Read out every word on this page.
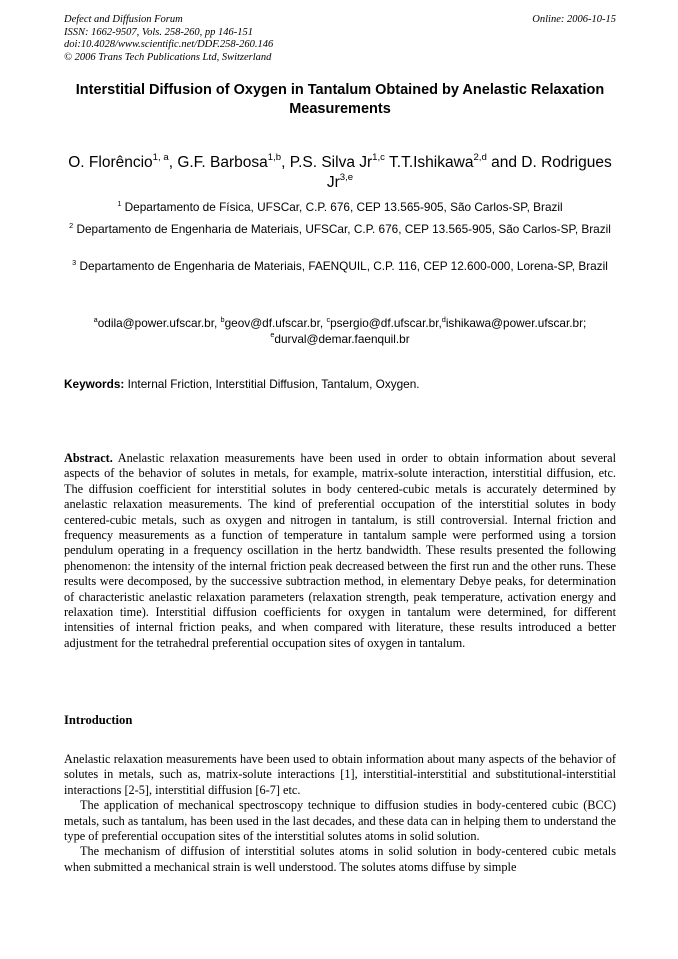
Defect and Diffusion Forum
ISSN: 1662-9507, Vols. 258-260, pp 146-151
doi:10.4028/www.scientific.net/DDF.258-260.146
© 2006 Trans Tech Publications Ltd, Switzerland
Online: 2006-10-15
Interstitial Diffusion of Oxygen in Tantalum Obtained by Anelastic Relaxation Measurements
O. Florêncio$^{1, a}$, G.F. Barbosa$^{1,b}$, P.S. Silva Jr$^{1,c}$ T.T.Ishikawa$^{2,d}$ and D. Rodrigues Jr$^{3,e}$
$^1$ Departamento de Física, UFSCar, C.P. 676, CEP 13.565-905, São Carlos-SP, Brazil
$^2$ Departamento de Engenharia de Materiais, UFSCar, C.P. 676, CEP 13.565-905, São Carlos-SP, Brazil
$^3$ Departamento de Engenharia de Materiais, FAENQUIL, C.P. 116, CEP 12.600-000, Lorena-SP, Brazil
$^a$odila@power.ufscar.br, $^b$geov@df.ufscar.br, $^c$psergio@df.ufscar.br,$^d$ishikawa@power.ufscar.br;
$^e$durval@demar.faenquil.br
Keywords: Internal Friction, Interstitial Diffusion, Tantalum, Oxygen.
Abstract. Anelastic relaxation measurements have been used in order to obtain information about several aspects of the behavior of solutes in metals, for example, matrix-solute interaction, interstitial diffusion, etc. The diffusion coefficient for interstitial solutes in body centered-cubic metals is accurately determined by anelastic relaxation measurements. The kind of preferential occupation of the interstitial solutes in body centered-cubic metals, such as oxygen and nitrogen in tantalum, is still controversial. Internal friction and frequency measurements as a function of temperature in tantalum sample were performed using a torsion pendulum operating in a frequency oscillation in the hertz bandwidth. These results presented the following phenomenon: the intensity of the internal friction peak decreased between the first run and the other runs. These results were decomposed, by the successive subtraction method, in elementary Debye peaks, for determination of characteristic anelastic relaxation parameters (relaxation strength, peak temperature, activation energy and relaxation time). Interstitial diffusion coefficients for oxygen in tantalum were determined, for different intensities of internal friction peaks, and when compared with literature, these results introduced a better adjustment for the tetrahedral preferential occupation sites of oxygen in tantalum.
Introduction

Anelastic relaxation measurements have been used to obtain information about many aspects of the behavior of solutes in metals, such as, matrix-solute interactions [1], interstitial-interstitial and substitutional-interstitial interactions [2-5], interstitial diffusion [6-7] etc.

The application of mechanical spectroscopy technique to diffusion studies in body-centered cubic (BCC) metals, such as tantalum, has been used in the last decades, and these data can in helping them to understand the type of preferential occupation sites of the interstitial solutes atoms in solid solution.

The mechanism of diffusion of interstitial solutes atoms in solid solution in body-centered cubic metals when submitted a mechanical strain is well understood. The solutes atoms diffuse by simple
